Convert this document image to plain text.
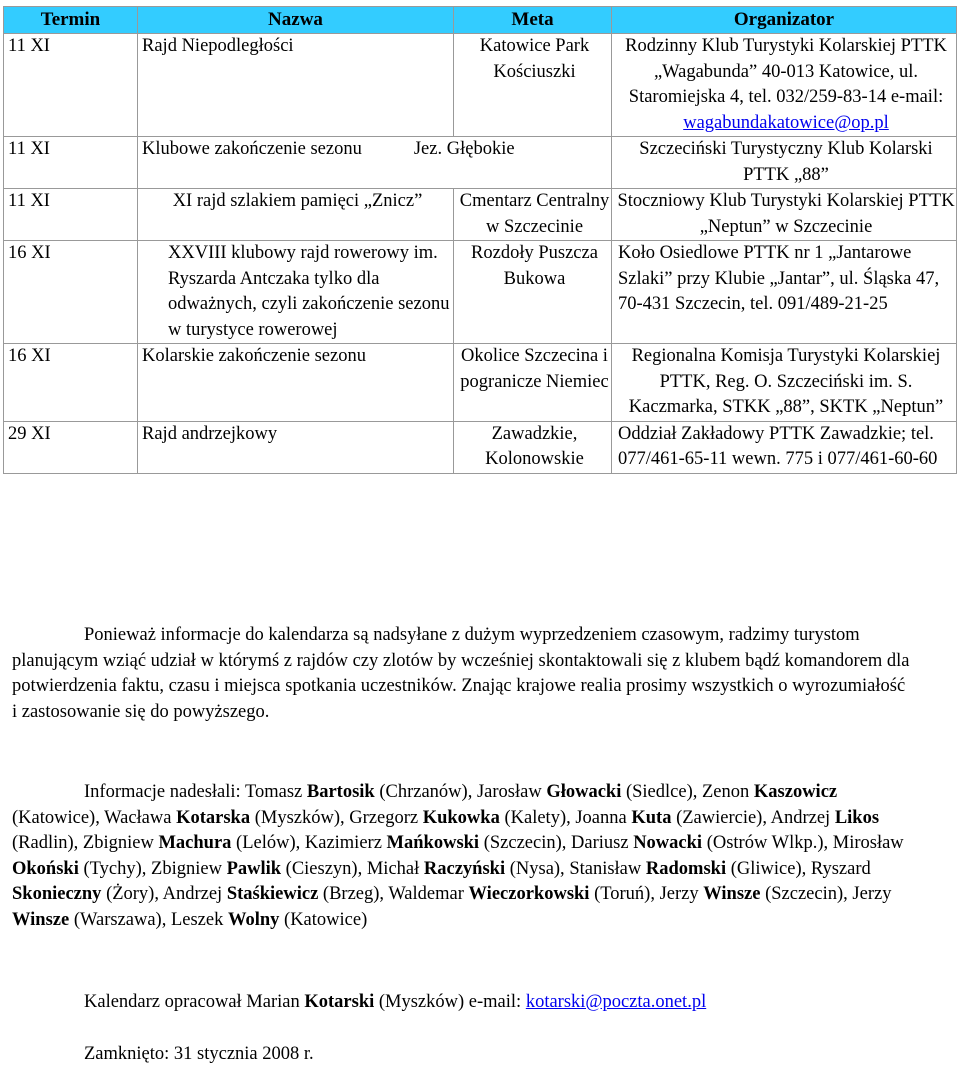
Termin	Nazwa	Meta	Organizator
11 XI	Rajd Niepodległości	Katowice Park Kościuszki	Rodzinny Klub Turystyki Kolarskiej PTTK „Wagabunda” 40-013 Katowice, ul. Staromiejska 4, tel. 032/259-83-14 e-mail: wagabundakatowice@op.pl
11 XI	Klubowe zakończenie sezonu Jez. Głębokie		Szczeciński Turystyczny Klub Kolarski PTTK „88”
11 XI	XI rajd szlakiem pamięci „Znicz”	Cmentarz Centralny w Szczecinie	Stoczniowy Klub Turystyki Kolarskiej PTTK „Neptun” w Szczecinie
16 XI	XXVIII klubowy rajd rowerowy im. Ryszarda Antczaka tylko dla odważnych, czyli zakończenie sezonu w turystyce rowerowej	Rozdoły Puszcza Bukowa	Koło Osiedlowe PTTK nr 1 „Jantarowe Szlaki” przy Klubie „Jantar”, ul. Śląska 47, 70-431 Szczecin, tel. 091/489-21-25
16 XI	Kolarskie zakończenie sezonu	Okolice Szczecina i pogranicze Niemiec	Regionalna Komisja Turystyki Kolarskiej PTTK, Reg. O. Szczeciński im. S. Kaczmarka, STKK „88”, SKTK „Neptun”
29 XI	Rajd andrzejkowy	Zawadzkie, Kolonowskie	Oddział Zakładowy PTTK Zawadzkie; tel. 077/461-65-11 wewn. 775 i 077/461-60-60

Ponieważ informacje do kalendarza są nadsyłane z dużym wyprzedzeniem czasowym, radzimy turystom planującym wziąć udział w którymś z rajdów czy zlotów by wcześniej skontaktowali się z klubem bądź komandorem dla potwierdzenia faktu, czasu i miejsca spotkania uczestników. Znając krajowe realia prosimy wszystkich o wyrozumiałość i zastosowanie się do powyższego.

Informacje nadesłali: Tomasz Bartosik (Chrzanów), Jarosław Głowacki (Siedlce), Zenon Kaszowicz (Katowice), Wacława Kotarska (Myszków), Grzegorz Kukowka (Kalety), Joanna Kuta (Zawiercie), Andrzej Likos (Radlin), Zbigniew Machura (Lelów), Kazimierz Mańkowski (Szczecin), Dariusz Nowacki (Ostrów Wlkp.), Mirosław Okoński (Tychy), Zbigniew Pawlik (Cieszyn), Michał Raczyński (Nysa), Stanisław Radomski (Gliwice), Ryszard Skonieczny (Żory), Andrzej Staśkiewicz (Brzeg), Waldemar Wieczorkowski (Toruń), Jerzy Winsze (Szczecin), Jerzy Winsze (Warszawa), Leszek Wolny (Katowice)

Kalendarz opracował Marian Kotarski (Myszków) e-mail: kotarski@poczta.onet.pl

Zamknięto: 31 stycznia 2008 r.
